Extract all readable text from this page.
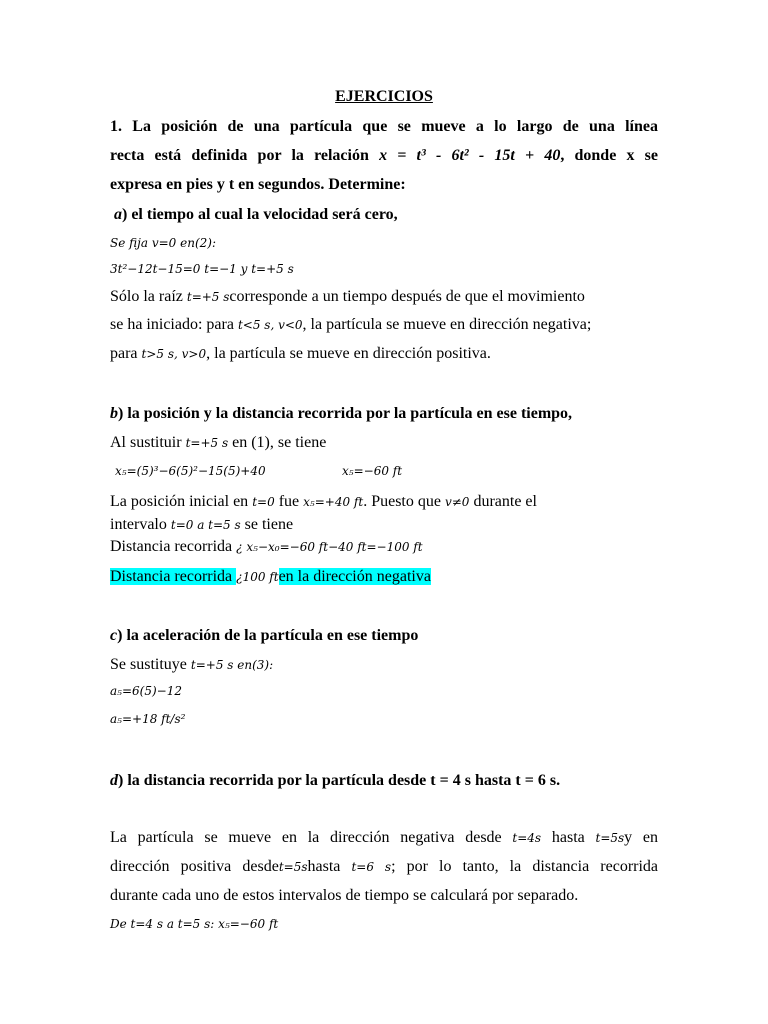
EJERCICIOS
1. La posición de una partícula que se mueve a lo largo de una línea
recta está definida por la relación x = t³ - 6t² - 15t + 40, donde x se
expresa en pies y t en segundos. Determine:
a) el tiempo al cual la velocidad será cero,
Se fija v=0 en(2):
3t²−12t−15=0 t=−1 y t=+5 s
Sólo la raíz t=+5 scorresponde a un tiempo después de que el movimiento
se ha iniciado: para t<5 s, v<0, la partícula se mueve en dirección negativa;
para t>5 s, v>0, la partícula se mueve en dirección positiva.
b) la posición y la distancia recorrida por la partícula en ese tiempo,
Al sustituir t=+5 s en (1), se tiene
x₅=(5)³−6(5)²−15(5)+40	x₅=−60 ft
La posición inicial en t=0 fue x₅=+40 ft. Puesto que v≠0 durante el
intervalo t=0 a t=5 s se tiene
Distancia recorrida ¿ x₅−x₀=−60 ft−40 ft=−100 ft
Distancia recorrida ¿100 ften la dirección negativa
c) la aceleración de la partícula en ese tiempo
Se sustituye t=+5 s en(3):
a₅=6(5)−12
a₅=+18 ft/s²
d) la distancia recorrida por la partícula desde t = 4 s hasta t = 6 s.
La partícula se mueve en la dirección negativa desde t=4s hasta t=5sy en
dirección positiva desdet=5shasta t=6 s; por lo tanto, la distancia recorrida
durante cada uno de estos intervalos de tiempo se calculará por separado.
De t=4 s a t=5 s: x₅=−60 ft
